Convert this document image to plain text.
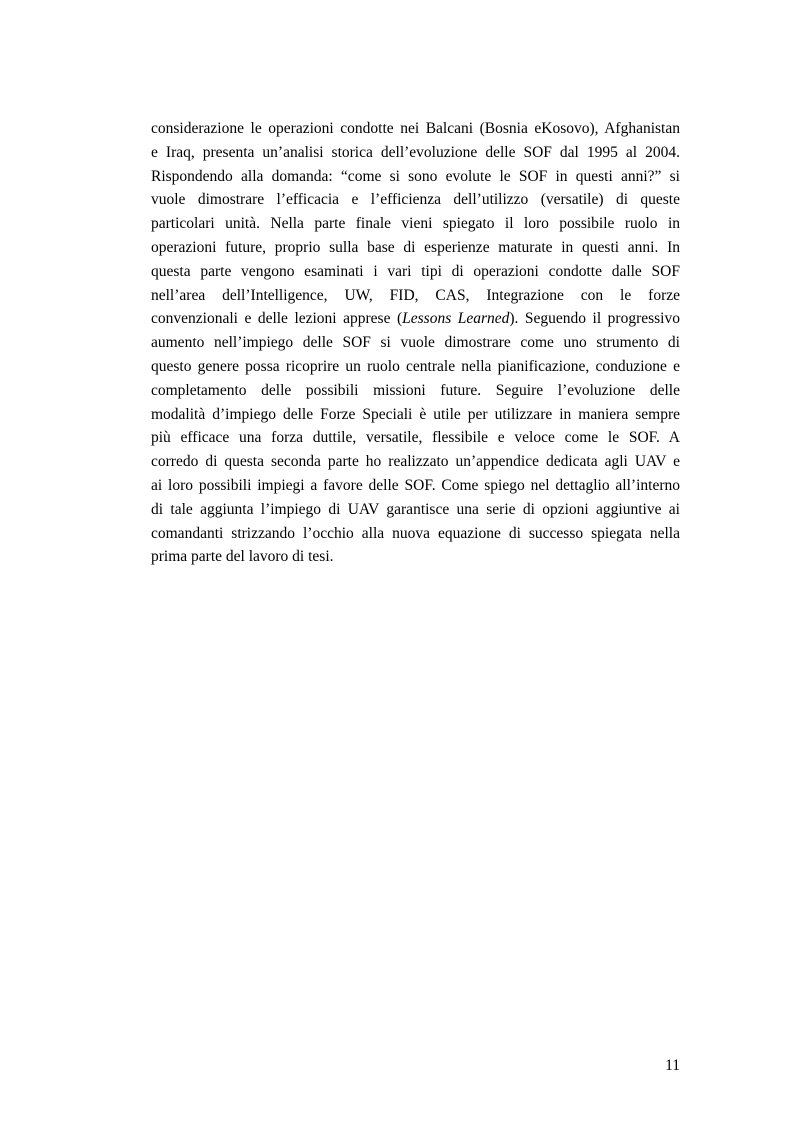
considerazione le operazioni condotte nei Balcani (Bosnia eKosovo), Afghanistan
e Iraq, presenta un’analisi storica dell’evoluzione delle SOF dal 1995 al 2004.
Rispondendo alla domanda: “come si sono evolute le SOF in questi anni?” si
vuole dimostrare l’efficacia e l’efficienza dell’utilizzo (versatile) di queste
particolari unità. Nella parte finale vieni spiegato il loro possibile ruolo in
operazioni future, proprio sulla base di esperienze maturate in questi anni. In
questa parte vengono esaminati i vari tipi di operazioni condotte dalle SOF
nell’area dell’Intelligence, UW, FID, CAS, Integrazione con le forze
convenzionali e delle lezioni apprese (Lessons Learned). Seguendo il progressivo
aumento nell’impiego delle SOF si vuole dimostrare come uno strumento di
questo genere possa ricoprire un ruolo centrale nella pianificazione, conduzione e
completamento delle possibili missioni future. Seguire l’evoluzione delle
modalità d’impiego delle Forze Speciali è utile per utilizzare in maniera sempre
più efficace una forza duttile, versatile, flessibile e veloce come le SOF. A
corredo di questa seconda parte ho realizzato un’appendice dedicata agli UAV e
ai loro possibili impiegi a favore delle SOF. Come spiego nel dettaglio all’interno
di tale aggiunta l’impiego di UAV garantisce una serie di opzioni aggiuntive ai
comandanti strizzando l’occhio alla nuova equazione di successo spiegata nella
prima parte del lavoro di tesi.
11
